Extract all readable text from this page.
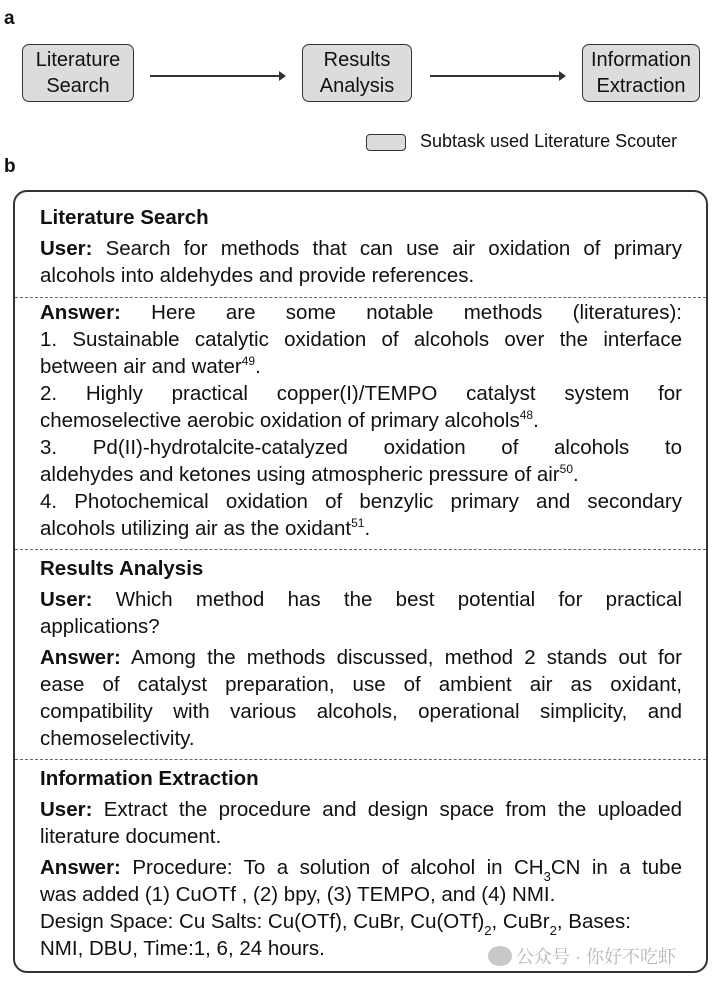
a
Literature
Search
Results
Analysis
Information
Extraction
Subtask used Literature Scouter
b
Literature Search
User: Search for methods that can use air oxidation of primary
alcohols into aldehydes and provide references.
Answer: Here are some notable methods (literatures):
1. Sustainable catalytic oxidation of alcohols over the interface
between air and water$^{49}$.
2. Highly practical copper(I)/TEMPO catalyst system for
chemoselective aerobic oxidation of primary alcohols$^{48}$.
3. Pd(II)-hydrotalcite-catalyzed oxidation of alcohols to
aldehydes and ketones using atmospheric pressure of air$^{50}$.
4. Photochemical oxidation of benzylic primary and secondary
alcohols utilizing air as the oxidant$^{51}$.
Results Analysis
User: Which method has the best potential for practical
applications?
Answer: Among the methods discussed, method 2 stands out for
ease of catalyst preparation, use of ambient air as oxidant,
compatibility with various alcohols, operational simplicity, and
chemoselectivity.
Information Extraction
User: Extract the procedure and design space from the uploaded
literature document.
Answer: Procedure: To a solution of alcohol in $CH_3CN$ in a tube
was added (1) CuOTf , (2) bpy, (3) TEMPO, and (4) NMI.
Design Space: Cu Salts: Cu(OTf), CuBr, $Cu(OTf)_2$, CuBr$_2$, Bases:
NMI, DBU, Time:1, 6, 24 hours.	公众号 · 你好不吃虾
